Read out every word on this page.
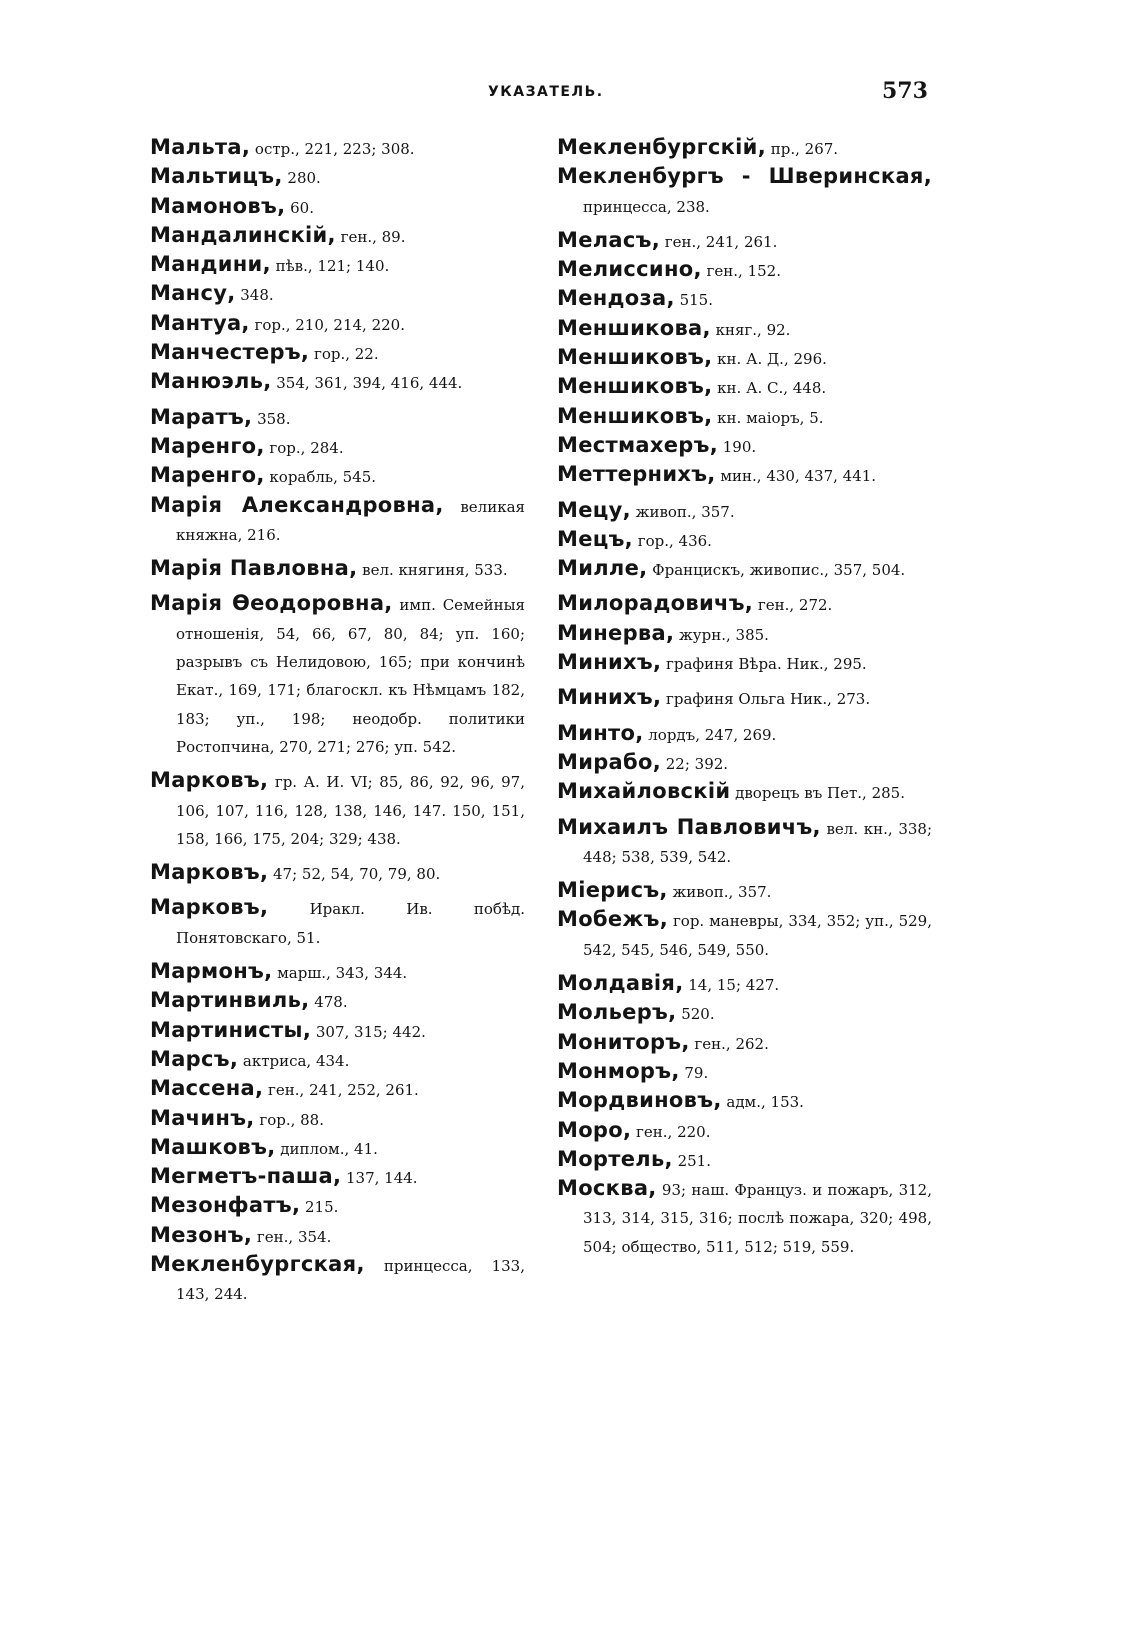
УКАЗАТЕЛЬ.	573
Мальта, остр., 221, 223; 308.
Мальтицъ, 280.
Мамоновъ, 60.
Мандалинскій, ген., 89.
Мандини, пѣв., 121; 140.
Мансу, 348.
Мантуа, гор., 210, 214, 220.
Манчестеръ, гор., 22.
Манюэль, 354, 361, 394, 416, 444.
Маратъ, 358.
Маренго, гор., 284.
Маренго, корабль, 545.
Марія Александровна, великая княжна, 216.
Марія Павловна, вел. княгиня, 533.
Марія Ѳеодоровна, имп. Семейныя отношенія, 54, 66, 67, 80, 84; уп. 160; разрывъ съ Нелидовою, 165; при кончинѣ Екат., 169, 171; благоскл. къ Нѣмцамъ 182, 183; уп., 198; неодобр. политики Ростопчина, 270, 271; 276; уп. 542.
Марковъ, гр. А. И. VI; 85, 86, 92, 96, 97, 106, 107, 116, 128, 138, 146, 147. 150, 151, 158, 166, 175, 204; 329; 438.
Марковъ, 47; 52, 54, 70, 79, 80.
Марковъ, Иракл. Ив. побѣд. Понятовскаго, 51.
Мармонъ, марш., 343, 344.
Мартинвиль, 478.
Мартинисты, 307, 315; 442.
Марсъ, актриса, 434.
Массена, ген., 241, 252, 261.
Мачинъ, гор., 88.
Машковъ, диплом., 41.
Мегметъ-паша, 137, 144.
Мезонфатъ, 215.
Мезонъ, ген., 354.
Мекленбургская, принцесса, 133, 143, 244.
Мекленбургскій, пр., 267.
Мекленбургъ - Шверинская, принцесса, 238.
Меласъ, ген., 241, 261.
Мелиссино, ген., 152.
Мендоза, 515.
Меншикова, княг., 92.
Меншиковъ, кн. А. Д., 296.
Меншиковъ, кн. А. С., 448.
Меншиковъ, кн. маіоръ, 5.
Местмахеръ, 190.
Меттернихъ, мин., 430, 437, 441.
Мецу, живоп., 357.
Мецъ, гор., 436.
Милле, Францискъ, живопис., 357, 504.
Милорадовичъ, ген., 272.
Минерва, журн., 385.
Минихъ, графиня Вѣра. Ник., 295.
Минихъ, графиня Ольга Ник., 273.
Минто, лордъ, 247, 269.
Мирабо, 22; 392.
Михайловскій дворецъ въ Пет., 285.
Михаилъ Павловичъ, вел. кн., 338; 448; 538, 539, 542.
Міерисъ, живоп., 357.
Мобежъ, гор. маневры, 334, 352; уп., 529, 542, 545, 546, 549, 550.
Молдавія, 14, 15; 427.
Мольеръ, 520.
Мониторъ, ген., 262.
Монморъ, 79.
Мордвиновъ, адм., 153.
Моро, ген., 220.
Мортель, 251.
Москва, 93; наш. Француз. и пожаръ, 312, 313, 314, 315, 316; послѣ пожара, 320; 498, 504; общество, 511, 512; 519, 559.
